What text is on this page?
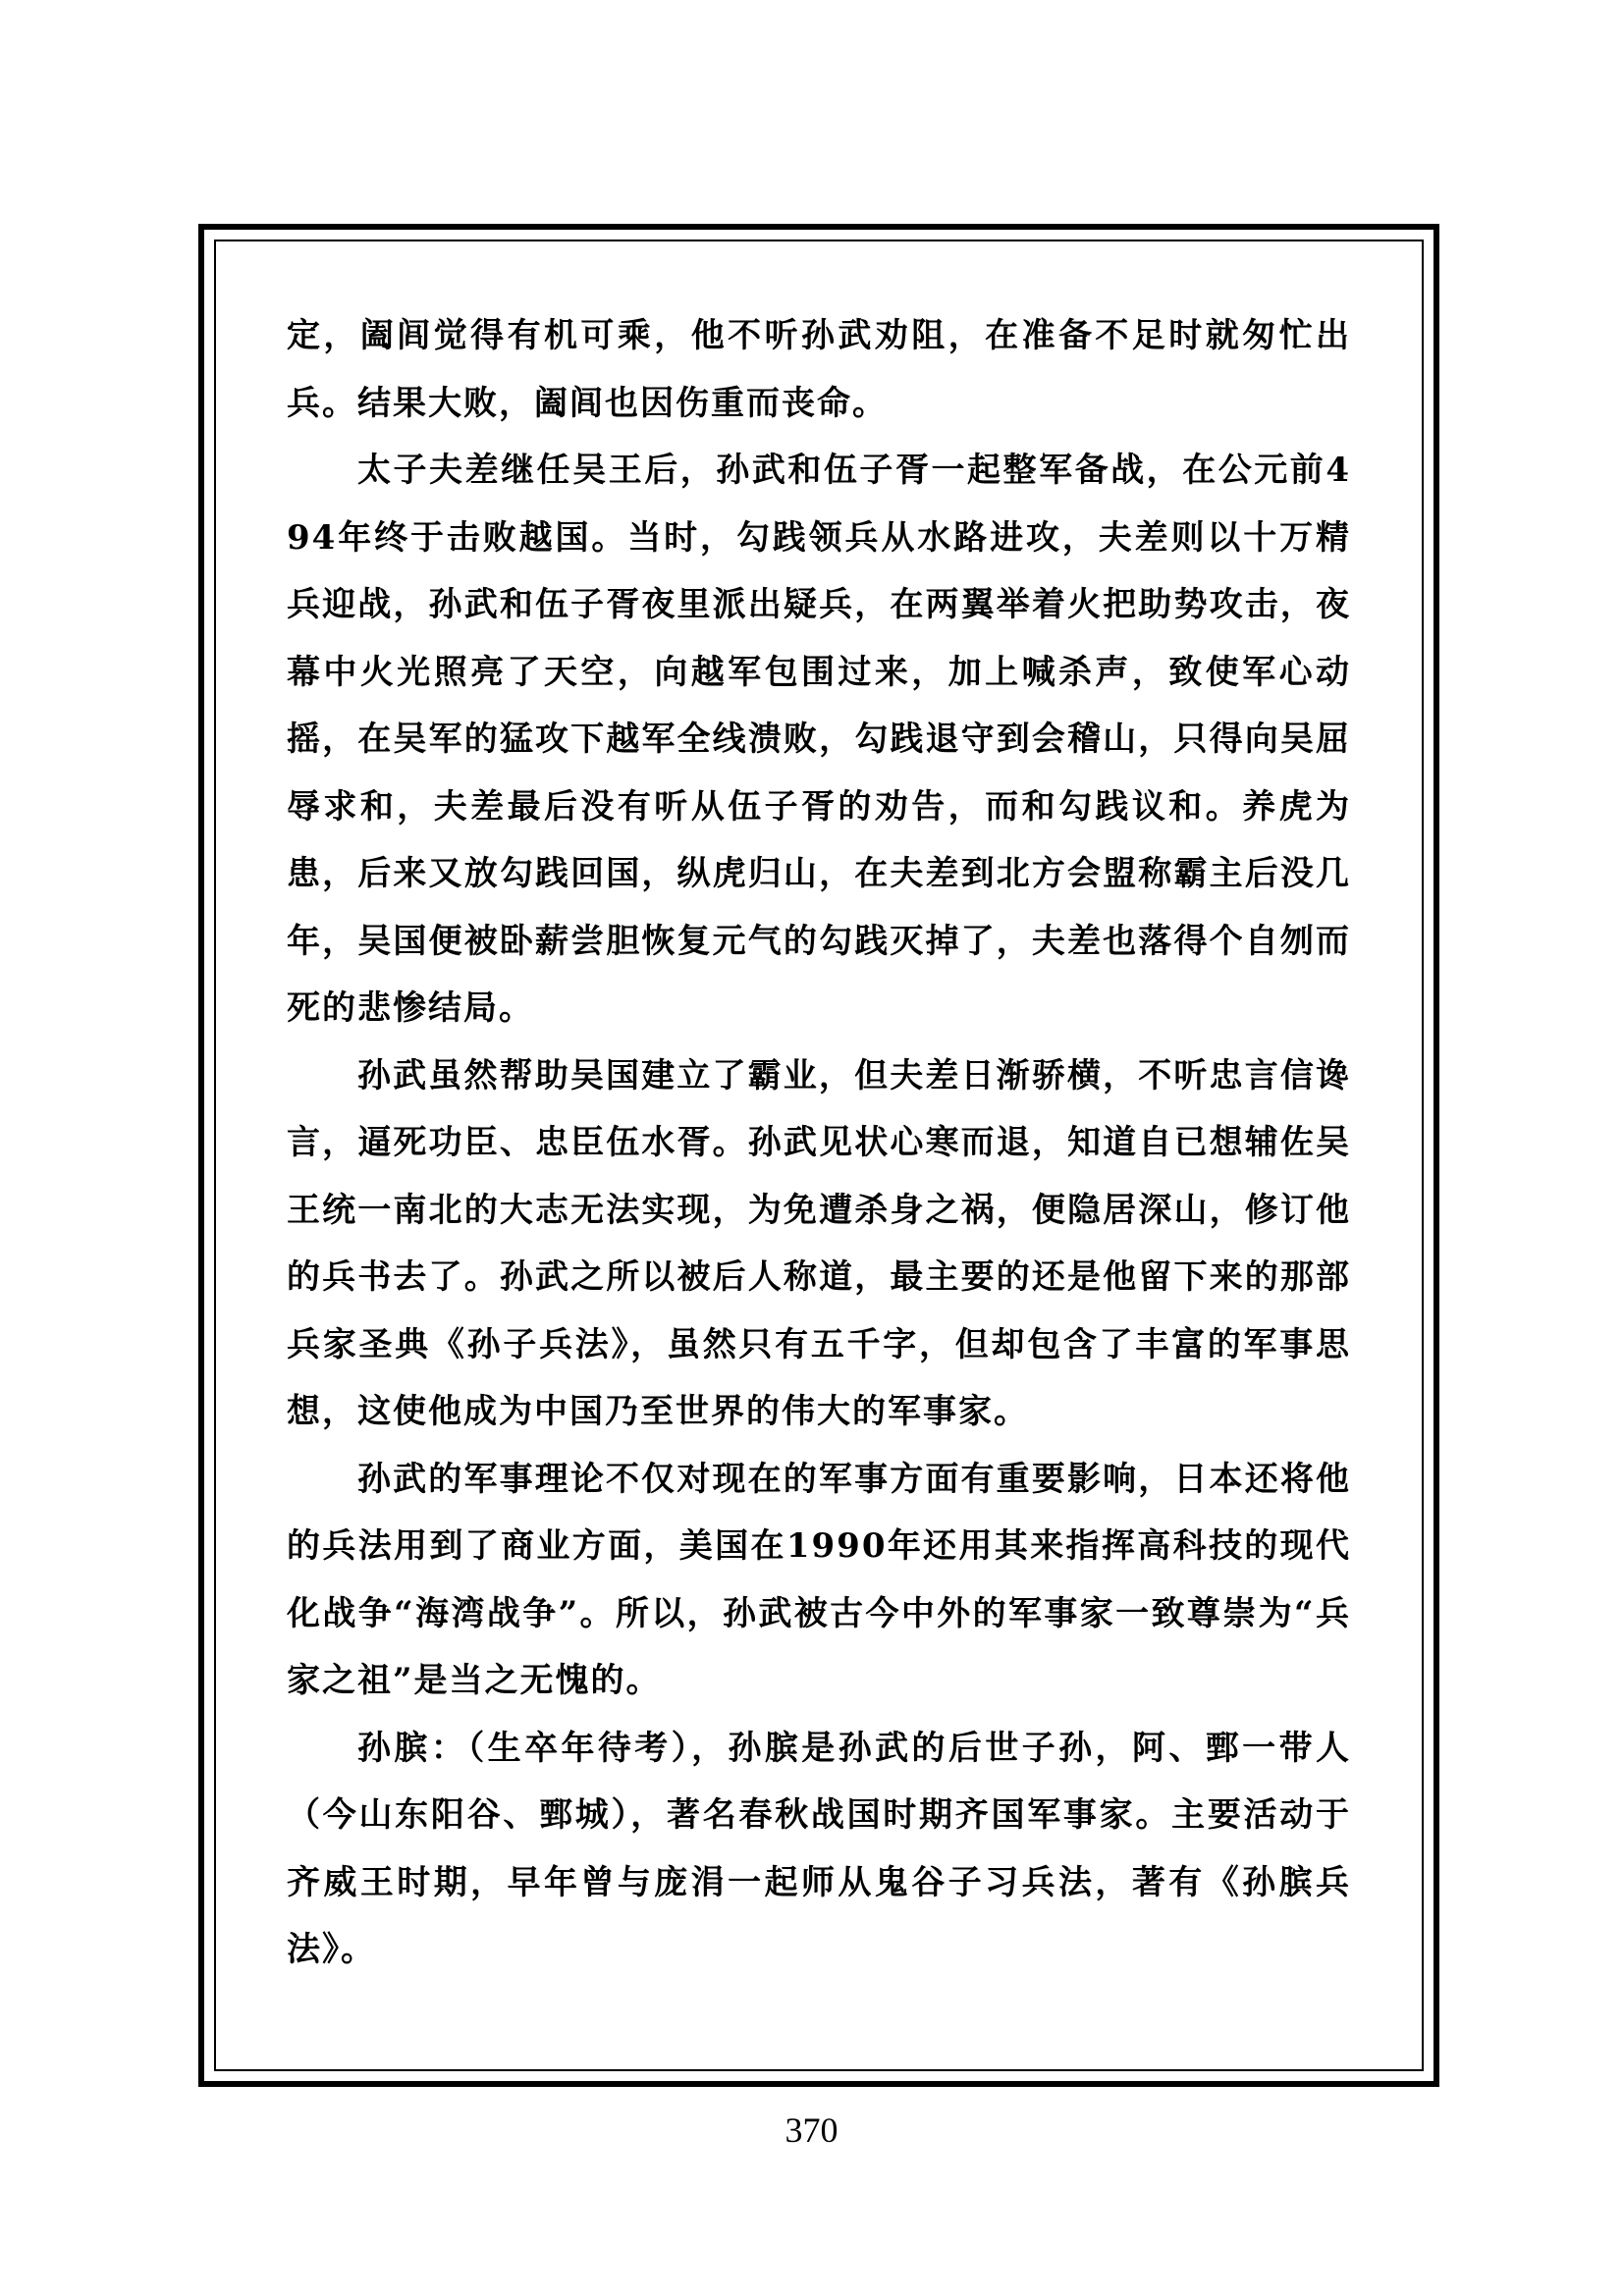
定，阖闾觉得有机可乘，他不听孙武劝阻，在准备不足时就匆忙出兵。结果大败，阖闾也因伤重而丧命。

太子夫差继任吴王后，孙武和伍子胥一起整军备战，在公元前494年终于击败越国。当时，勾践领兵从水路进攻，夫差则以十万精兵迎战，孙武和伍子胥夜里派出疑兵，在两翼举着火把助势攻击，夜幕中火光照亮了天空，向越军包围过来，加上喊杀声，致使军心动摇，在吴军的猛攻下越军全线溃败，勾践退守到会稽山，只得向吴屈辱求和，夫差最后没有听从伍子胥的劝告，而和勾践议和。养虎为患，后来又放勾践回国，纵虎归山，在夫差到北方会盟称霸主后没几年，吴国便被卧薪尝胆恢复元气的勾践灭掉了，夫差也落得个自刎而死的悲惨结局。

孙武虽然帮助吴国建立了霸业，但夫差日渐骄横，不听忠言信谗言，逼死功臣、忠臣伍水胥。孙武见状心寒而退，知道自已想辅佐吴王统一南北的大志无法实现，为免遭杀身之祸，便隐居深山，修订他的兵书去了。孙武之所以被后人称道，最主要的还是他留下来的那部兵家圣典《孙子兵法》，虽然只有五千字，但却包含了丰富的军事思想，这使他成为中国乃至世界的伟大的军事家。

孙武的军事理论不仅对现在的军事方面有重要影响，日本还将他的兵法用到了商业方面，美国在1990年还用其来指挥高科技的现代化战争“海湾战争”。所以，孙武被古今中外的军事家一致尊崇为“兵家之祖”是当之无愧的。

孙膑：（生卒年待考），孙膑是孙武的后世子孙，阿、鄄一带人（今山东阳谷、鄄城），著名春秋战国时期齐国军事家。主要活动于齐威王时期，早年曾与庞涓一起师从鬼谷子习兵法，著有《孙膑兵法》。

370
